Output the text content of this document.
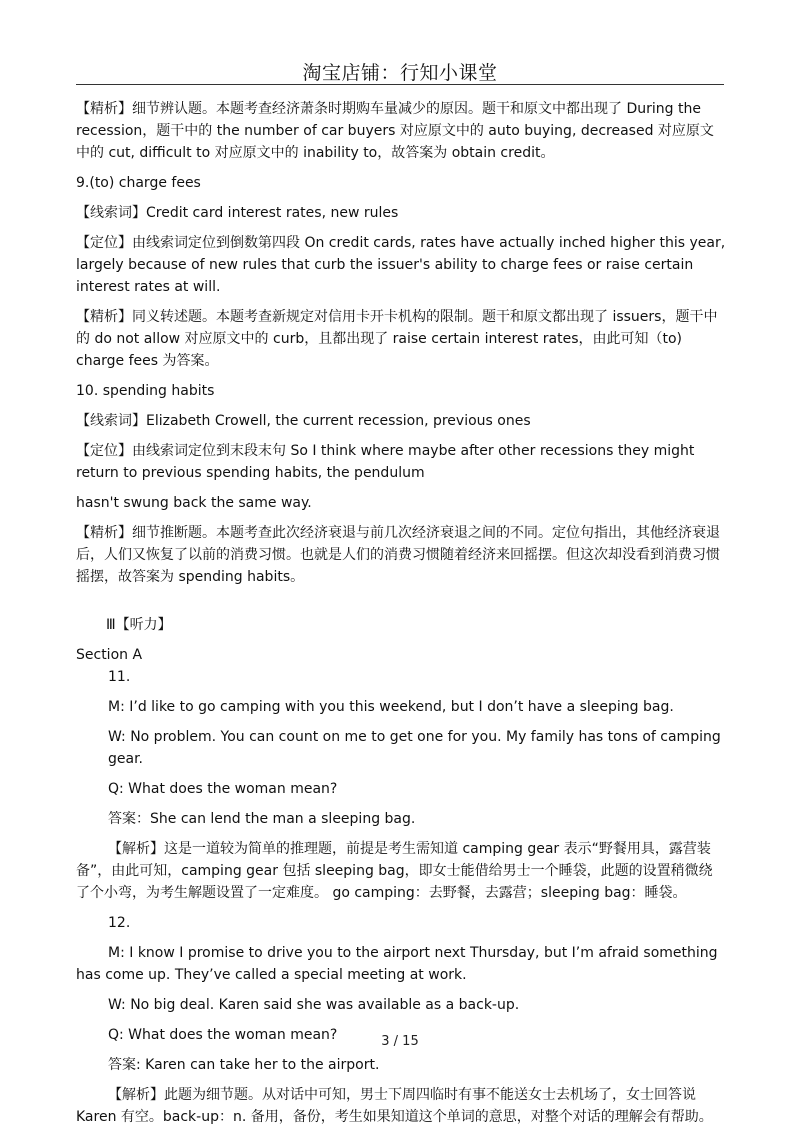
淘宝店铺：行知小课堂

【精析】细节辨认题。本题考查经济萧条时期购车量减少的原因。题干和原文中都出现了 During the recession，题干中的 the number of car buyers 对应原文中的 auto buying, decreased 对应原文中的 cut, difficult to 对应原文中的 inability to，故答案为 obtain credit。

9.(to) charge fees

【线索词】Credit card interest rates, new rules

【定位】由线索词定位到倒数第四段 On credit cards, rates have actually inched higher this year, largely because of new rules that curb the issuer's ability to charge fees or raise certain interest rates at will.

【精析】同义转述题。本题考查新规定对信用卡开卡机构的限制。题干和原文都出现了 issuers，题干中的 do not allow 对应原文中的 curb，且都出现了 raise certain interest rates，由此可知（to) charge fees 为答案。

10. spending habits

【线索词】Elizabeth Crowell, the current recession, previous ones

【定位】由线索词定位到末段末句 So I think where maybe after other recessions they might return to previous spending habits, the pendulum

hasn't swung back the same way.

【精析】细节推断题。本题考查此次经济衰退与前几次经济衰退之间的不同。定位句指出，其他经济衰退后，人们又恢复了以前的消费习惯。也就是人们的消费习惯随着经济来回摇摆。但这次却没看到消费习惯摇摆，故答案为 spending habits。

Ⅲ【听力】

Section A

11.

M: I’d like to go camping with you this weekend, but I don’t have a sleeping bag.

W: No problem. You can count on me to get one for you. My family has tons of camping gear.

Q: What does the woman mean?

答案：She can lend the man a sleeping bag.

【解析】这是一道较为简单的推理题，前提是考生需知道 camping gear 表示“野餐用具，露营装备”，由此可知，camping gear 包括 sleeping bag，即女士能借给男士一个睡袋，此题的设置稍微绕了个小弯，为考生解题设置了一定难度。 go camping：去野餐，去露营；sleeping bag：睡袋。

12.

M: I know I promise to drive you to the airport next Thursday, but I’m afraid something has come up. They’ve called a special meeting at work.

W: No big deal. Karen said she was available as a back-up.

Q: What does the woman mean?

答案: Karen can take her to the airport.

【解析】此题为细节题。从对话中可知，男士下周四临时有事不能送女士去机场了，女士回答说 Karen 有空。back-up：n. 备用，备份，考生如果知道这个单词的意思，对整个对话的理解会有帮助。

3 / 15
